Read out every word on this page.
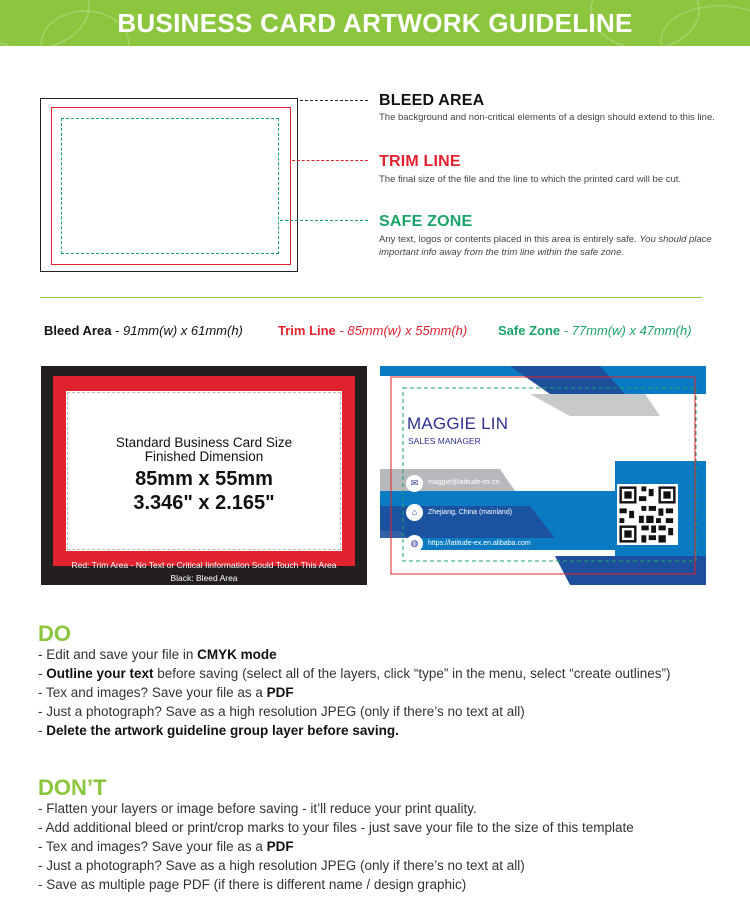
BUSINESS CARD ARTWORK GUIDELINE
BLEED AREA
The background and non-critical elements of a design should extend to this line.
TRIM LINE
The final size of the file and the line to which the printed card will be cut.
SAFE ZONE
Any text, logos or contents placed in this area is entirely safe. You should place important info away from the trim line within the safe zone.
Bleed Area - 91mm(w) x 61mm(h)	Trim Line - 85mm(w) x 55mm(h) Safe Zone - 77mm(w) x 47mm(h)
Standard Business Card Size
Finished Dimension
85mm x 55mm
3.346" x 2.165"
Red: Trim Area - No Text or Critical Iinformation Sould Touch This Area
Black: Bleed Area
MAGGIE LIN
SALES MANAGER
✉	maggie@latitude-ex.cn
⌂	Zhejiang, China (mainland)
◍	https://latitude-ex.en.alibaba.com
DO
- Edit and save your file in CMYK mode
- Outline your text before saving (select all of the layers, click “type” in the menu, select “create outlines”)
- Tex and images? Save your file as a PDF
- Just a photograph? Save as a high resolution JPEG (only if there’s no text at all)
- Delete the artwork guideline group layer before saving.
DON’T
- Flatten your layers or image before saving - it’ll reduce your print quality.
- Add additional bleed or print/crop marks to your files - just save your file to the size of this template
- Tex and images? Save your file as a PDF
- Just a photograph? Save as a high resolution JPEG (only if there’s no text at all)
- Save as multiple page PDF (if there is different name / design graphic)
